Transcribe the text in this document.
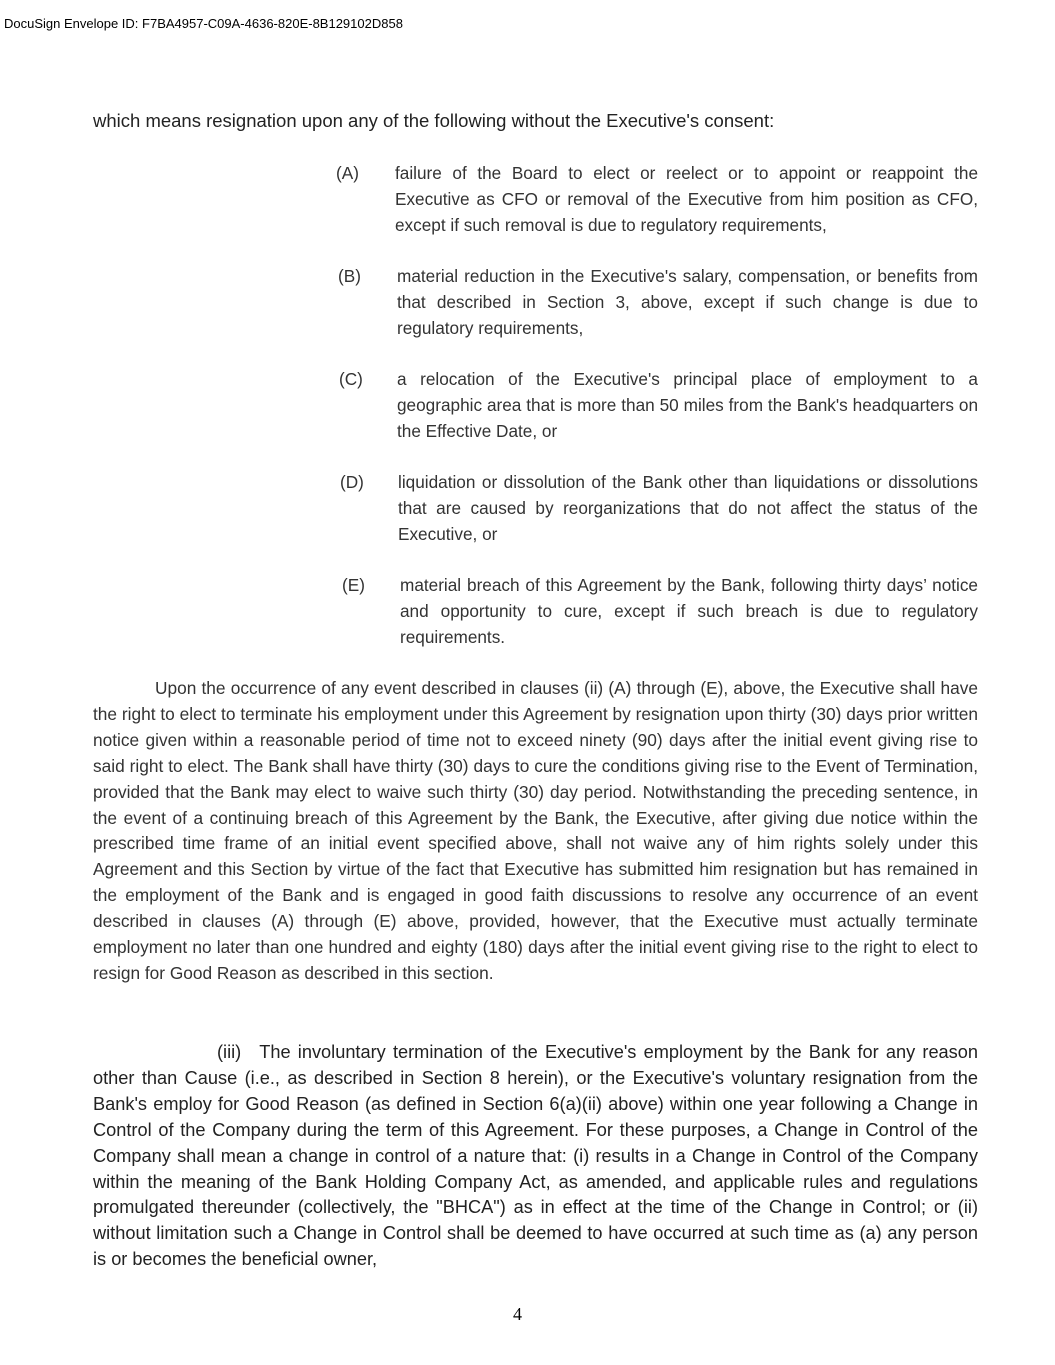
DocuSign Envelope ID: F7BA4957-C09A-4636-820E-8B129102D858
which means resignation upon any of the following without the Executive's consent:
(A)	failure of the Board to elect or reelect or to appoint or reappoint the Executive as CFO or removal of the Executive from him position as CFO, except if such removal is due to regulatory requirements,
(B)	material reduction in the Executive's salary, compensation, or benefits from that described in Section 3, above, except if such change is due to regulatory requirements,
(C)	a relocation of the Executive's principal place of employment to a geographic area that is more than 50 miles from the Bank's headquarters on the Effective Date, or
(D)	liquidation or dissolution of the Bank other than liquidations or dissolutions that are caused by reorganizations that do not affect the status of the Executive, or
(E)	material breach of this Agreement by the Bank, following thirty days’ notice and opportunity to cure, except if such breach is due to regulatory requirements.
Upon the occurrence of any event described in clauses (ii) (A) through (E), above, the Executive shall have the right to elect to terminate his employment under this Agreement by resignation upon thirty (30) days prior written notice given within a reasonable period of time not to exceed ninety (90) days after the initial event giving rise to said right to elect. The Bank shall have thirty (30) days to cure the conditions giving rise to the Event of Termination, provided that the Bank may elect to waive such thirty (30) day period. Notwithstanding the preceding sentence, in the event of a continuing breach of this Agreement by the Bank, the Executive, after giving due notice within the prescribed time frame of an initial event specified above, shall not waive any of him rights solely under this Agreement and this Section by virtue of the fact that Executive has submitted him resignation but has remained in the employment of the Bank and is engaged in good faith discussions to resolve any occurrence of an event described in clauses (A) through (E) above, provided, however, that the Executive must actually terminate employment no later than one hundred and eighty (180) days after the initial event giving rise to the right to elect to resign for Good Reason as described in this section.
(iii) The involuntary termination of the Executive's employment by the Bank for any reason other than Cause (i.e., as described in Section 8 herein), or the Executive's voluntary resignation from the Bank's employ for Good Reason (as defined in Section 6(a)(ii) above) within one year following a Change in Control of the Company during the term of this Agreement. For these purposes, a Change in Control of the Company shall mean a change in control of a nature that: (i) results in a Change in Control of the Company within the meaning of the Bank Holding Company Act, as amended, and applicable rules and regulations promulgated thereunder (collectively, the "BHCA") as in effect at the time of the Change in Control; or (ii) without limitation such a Change in Control shall be deemed to have occurred at such time as (a) any person is or becomes the beneficial owner,
4
